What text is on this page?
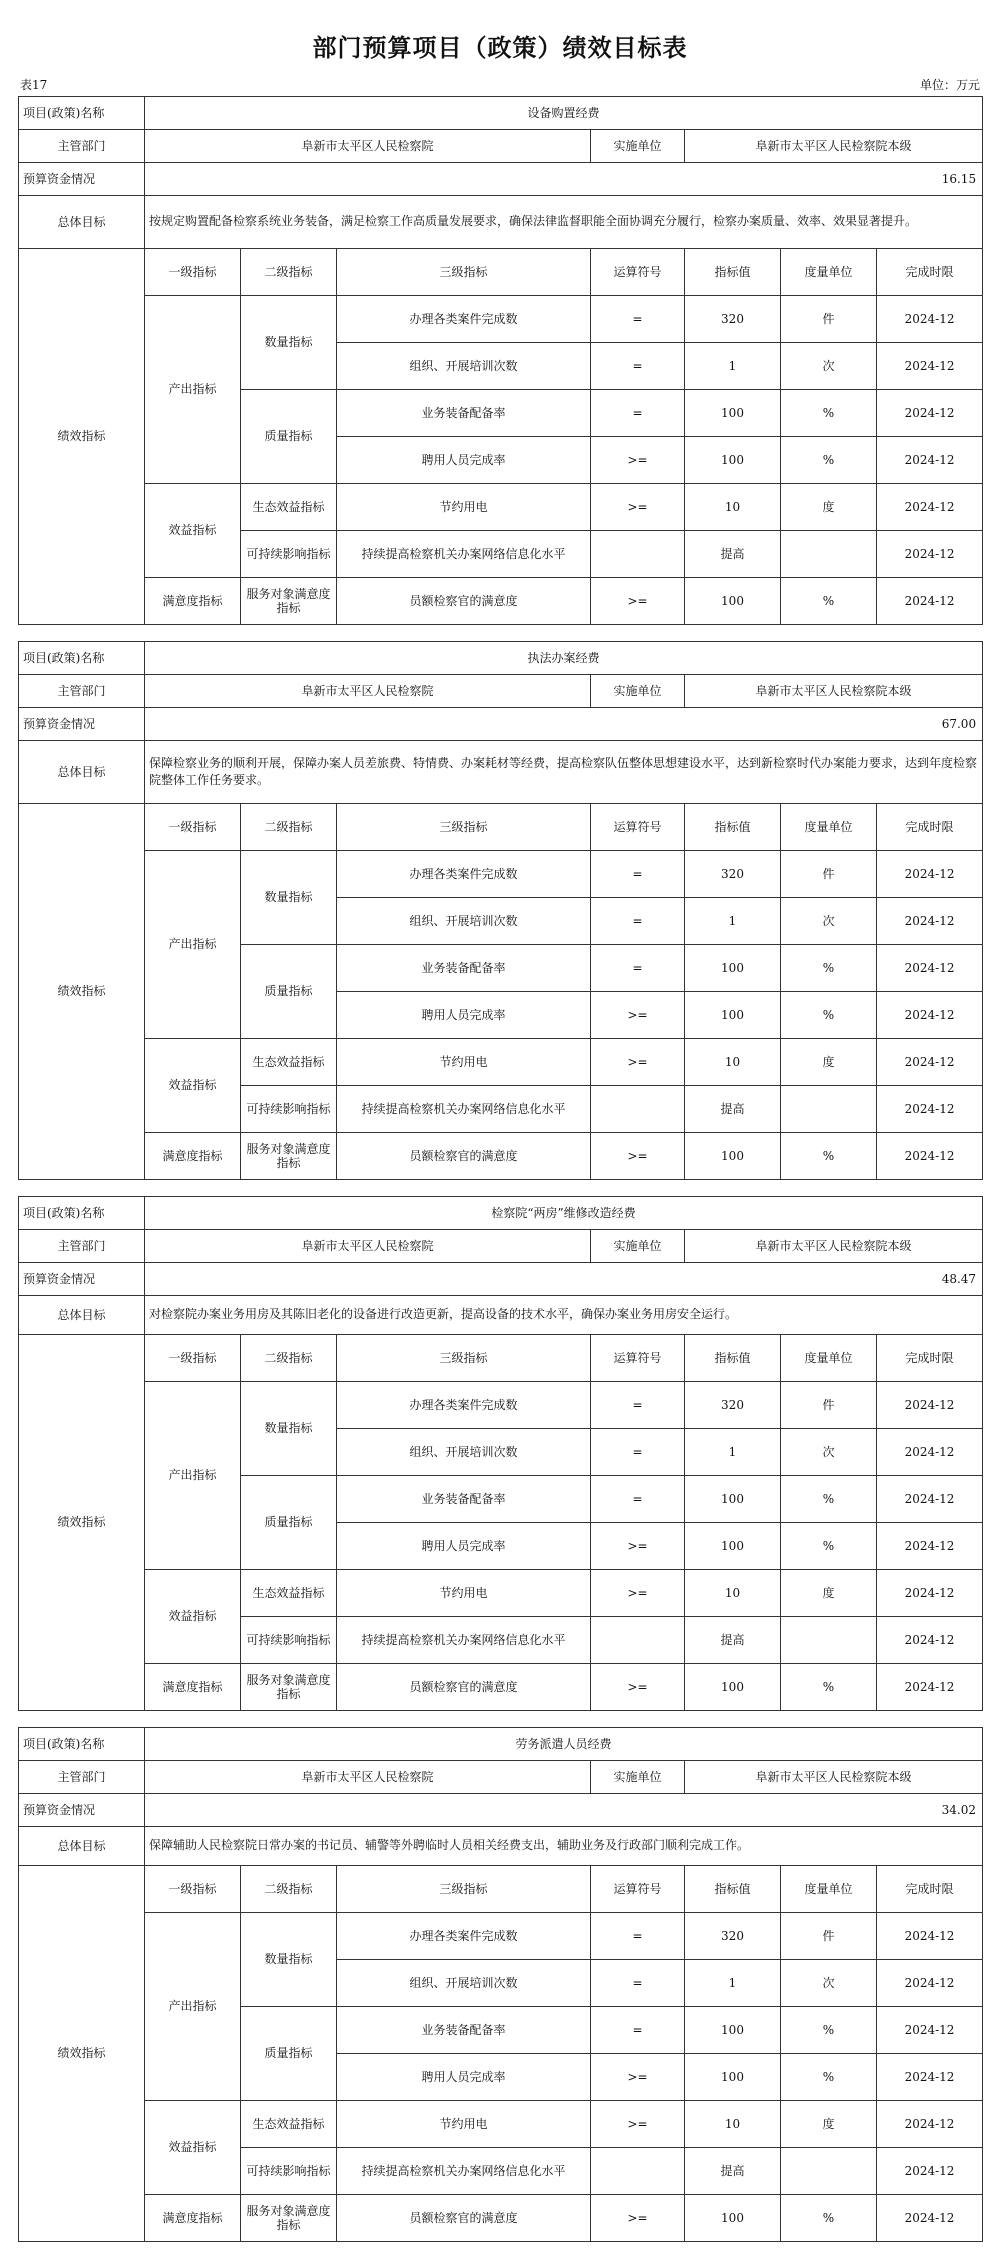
部门预算项目（政策）绩效目标表
表17	单位：万元
项目(政策)名称	设备购置经费						
主管部门	阜新市太平区人民检察院			实施单位	阜新市太平区人民检察院本级		
预算资金情况	16.15						
总体目标	按规定购置配备检察系统业务装备，满足检察工作高质量发展要求，确保法律监督职能全面协调充分履行，检察办案质量、效率、效果显著提升。						
绩效指标	一级指标	二级指标	三级指标	运算符号	指标值	度量单位	完成时限
	产出指标	数量指标	办理各类案件完成数	=	320	件	2024-12
			组织、开展培训次数	=	1	次	2024-12
		质量指标	业务装备配备率	=	100	%	2024-12
			聘用人员完成率	>=	100	%	2024-12
	效益指标	生态效益指标	节约用电	>=	10	度	2024-12
		可持续影响指标	持续提高检察机关办案网络信息化水平		提高		2024-12
	满意度指标	服务对象满意度指标	员额检察官的满意度	>=	100	%	2024-12
项目(政策)名称	执法办案经费						
主管部门	阜新市太平区人民检察院			实施单位	阜新市太平区人民检察院本级		
预算资金情况	67.00						
总体目标	保障检察业务的顺利开展，保障办案人员差旅费、特情费、办案耗材等经费，提高检察队伍整体思想建设水平，达到新检察时代办案能力要求，达到年度检察院整体工作任务要求。						
绩效指标	一级指标	二级指标	三级指标	运算符号	指标值	度量单位	完成时限
	产出指标	数量指标	办理各类案件完成数	=	320	件	2024-12
			组织、开展培训次数	=	1	次	2024-12
		质量指标	业务装备配备率	=	100	%	2024-12
			聘用人员完成率	>=	100	%	2024-12
	效益指标	生态效益指标	节约用电	>=	10	度	2024-12
		可持续影响指标	持续提高检察机关办案网络信息化水平		提高		2024-12
	满意度指标	服务对象满意度指标	员额检察官的满意度	>=	100	%	2024-12
项目(政策)名称	检察院“两房”维修改造经费						
主管部门	阜新市太平区人民检察院			实施单位	阜新市太平区人民检察院本级		
预算资金情况	48.47						
总体目标	对检察院办案业务用房及其陈旧老化的设备进行改造更新，提高设备的技术水平，确保办案业务用房安全运行。						
绩效指标	一级指标	二级指标	三级指标	运算符号	指标值	度量单位	完成时限
	产出指标	数量指标	办理各类案件完成数	=	320	件	2024-12
			组织、开展培训次数	=	1	次	2024-12
		质量指标	业务装备配备率	=	100	%	2024-12
			聘用人员完成率	>=	100	%	2024-12
	效益指标	生态效益指标	节约用电	>=	10	度	2024-12
		可持续影响指标	持续提高检察机关办案网络信息化水平		提高		2024-12
	满意度指标	服务对象满意度指标	员额检察官的满意度	>=	100	%	2024-12
项目(政策)名称	劳务派遣人员经费						
主管部门	阜新市太平区人民检察院			实施单位	阜新市太平区人民检察院本级		
预算资金情况	34.02						
总体目标	保障辅助人民检察院日常办案的书记员、辅警等外聘临时人员相关经费支出，辅助业务及行政部门顺利完成工作。						
绩效指标	一级指标	二级指标	三级指标	运算符号	指标值	度量单位	完成时限
	产出指标	数量指标	办理各类案件完成数	=	320	件	2024-12
			组织、开展培训次数	=	1	次	2024-12
		质量指标	业务装备配备率	=	100	%	2024-12
			聘用人员完成率	>=	100	%	2024-12
	效益指标	生态效益指标	节约用电	>=	10	度	2024-12
		可持续影响指标	持续提高检察机关办案网络信息化水平		提高		2024-12
	满意度指标	服务对象满意度指标	员额检察官的满意度	>=	100	%	2024-12
